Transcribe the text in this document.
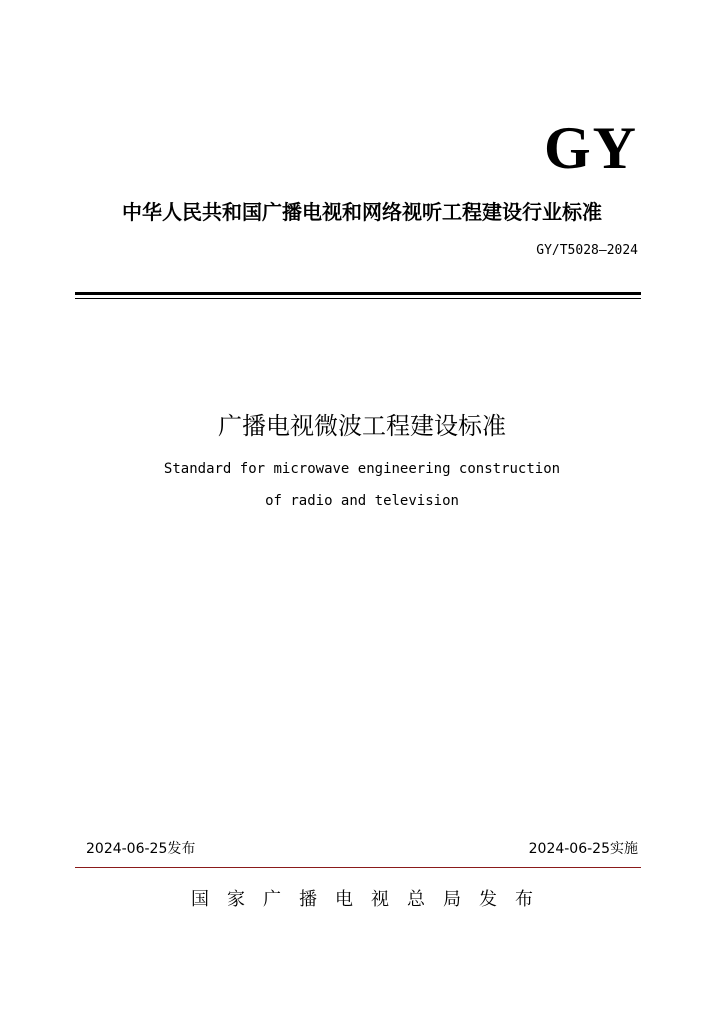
GY
中华人民共和国广播电视和网络视听工程建设行业标准
GY/T5028—2024
广播电视微波工程建设标准
Standard for microwave engineering construction
of radio and television
2024-06-25发布	2024-06-25实施
国家广播电视总局发布
